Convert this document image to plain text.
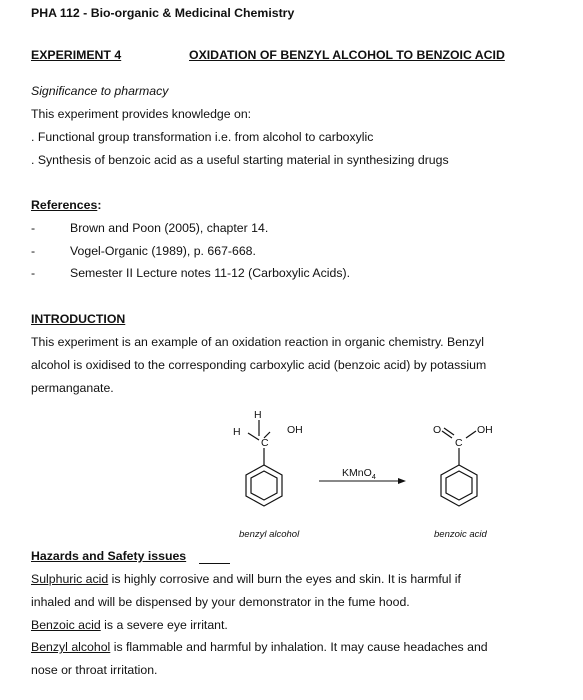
PHA 112 - Bio-organic & Medicinal Chemistry
EXPERIMENT 4	OXIDATION OF BENZYL ALCOHOL TO BENZOIC ACID
Significance to pharmacy
This experiment provides knowledge on:
. Functional group transformation i.e. from alcohol to carboxylic
. Synthesis of benzoic acid as a useful starting material in synthesizing drugs
References:
-	Brown and Poon (2005), chapter 14.
-	Vogel-Organic (1989), p. 667-668.
-	Semester II Lecture notes 11-12 (Carboxylic Acids).
INTRODUCTION
This experiment is an example of an oxidation reaction in organic chemistry. Benzyl
alcohol is oxidised to the corresponding carboxylic acid (benzoic acid) by potassium
permanganate.
H
H
C
OH
benzyl alcohol
KMnO$_4$
O
C
OH
benzoic acid
Hazards and Safety issues
Sulphuric acid is highly corrosive and will burn the eyes and skin. It is harmful if
inhaled and will be dispensed by your demonstrator in the fume hood.
Benzoic acid is a severe eye irritant.
Benzyl alcohol is flammable and harmful by inhalation. It may cause headaches and
nose or throat irritation.
